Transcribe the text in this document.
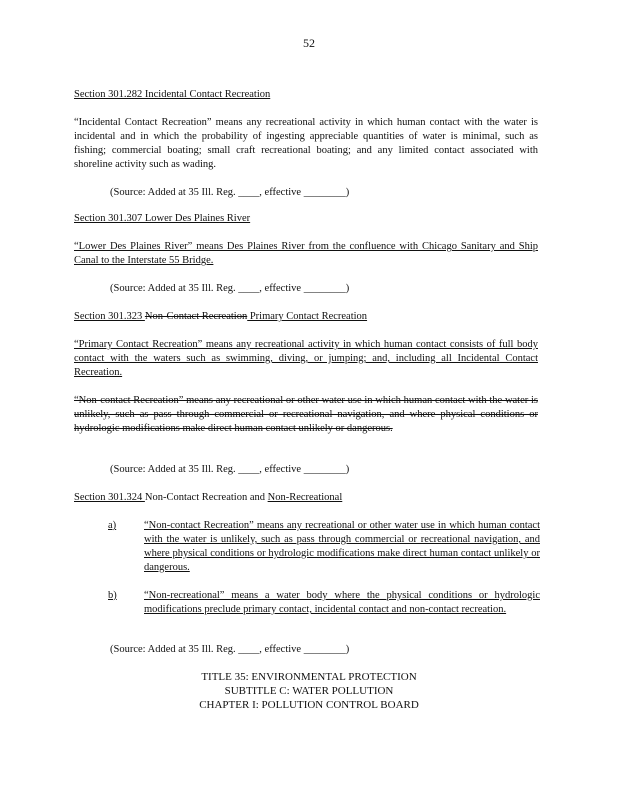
52

Section 301.282 Incidental Contact Recreation

“Incidental Contact Recreation” means any recreational activity in which human contact with the water is incidental and in which the probability of ingesting appreciable quantities of water is minimal, such as fishing; commercial boating; small craft recreational boating; and any limited contact associated with shoreline activity such as wading.

(Source: Added at 35 Ill. Reg. ____, effective ________)

Section 301.307 Lower Des Plaines River

“Lower Des Plaines River” means Des Plaines River from the confluence with Chicago Sanitary and Ship Canal to the Interstate 55 Bridge.

(Source: Added at 35 Ill. Reg. ____, effective ________)

Section 301.323 Non-Contact Recreation Primary Contact Recreation

“Primary Contact Recreation” means any recreational activity in which human contact consists of full body contact with the waters such as swimming, diving, or jumping; and, including all Incidental Contact Recreation.

“Non-contact Recreation” means any recreational or other water use in which human contact with the water is unlikely, such as pass through commercial or recreational navigation, and where physical conditions or hydrologic modifications make direct human contact unlikely or dangerous.

(Source: Added at 35 Ill. Reg. ____, effective ________)

Section 301.324 Non-Contact Recreation and Non-Recreational

a)	“Non-contact Recreation” means any recreational or other water use in which human contact with the water is unlikely, such as pass through commercial or recreational navigation, and where physical conditions or hydrologic modifications make direct human contact unlikely or dangerous.

b)	“Non-recreational” means a water body where the physical conditions or hydrologic modifications preclude primary contact, incidental contact and non-contact recreation.

(Source: Added at 35 Ill. Reg. ____, effective ________)

TITLE 35: ENVIRONMENTAL PROTECTION

SUBTITLE C: WATER POLLUTION

CHAPTER I: POLLUTION CONTROL BOARD
